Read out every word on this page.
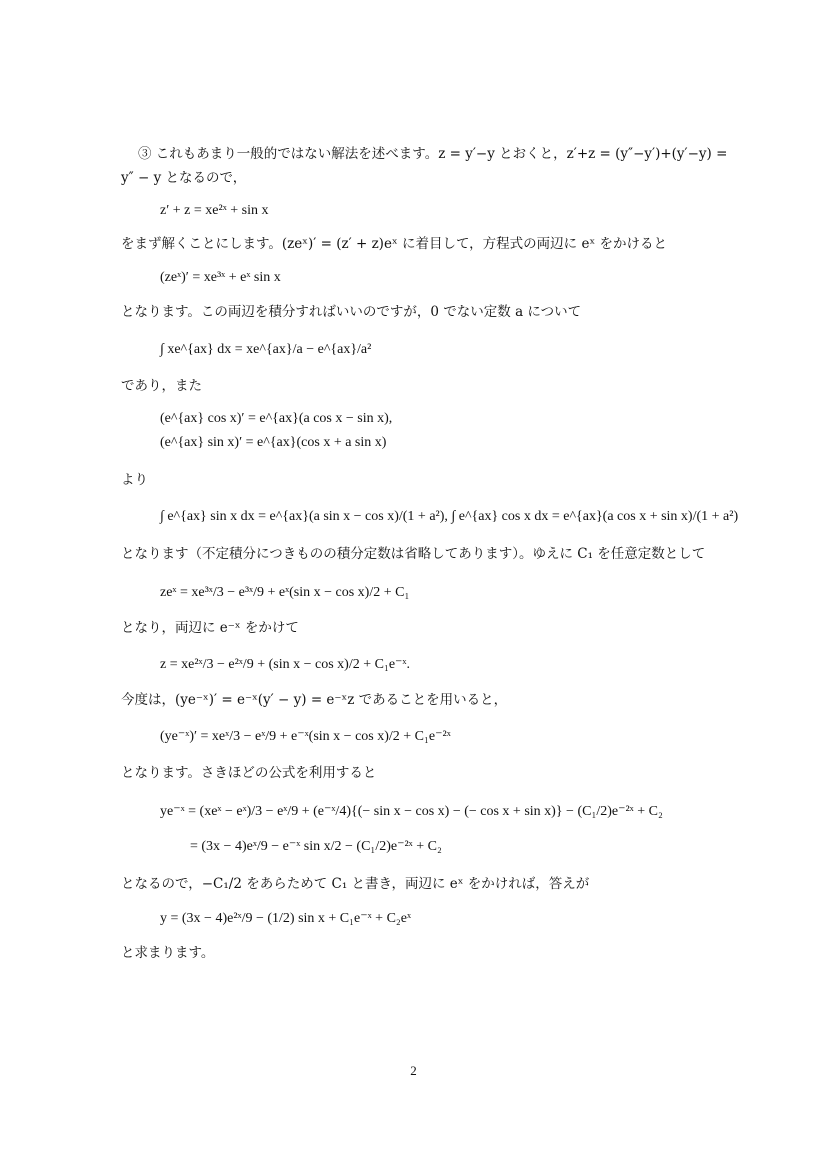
③ これもあまり一般的ではない解法を述べます。z = y′−y とおくと，z′+z = (y″−y′)+(y′−y) =
y″ − y となるので，
z′ + z = xe²ˣ + sin x
をまず解くことにします。(zeˣ)′ = (z′ + z)eˣ に着目して，方程式の両辺に eˣ をかけると
(zeˣ)′ = xe³ˣ + eˣ sin x
となります。この両辺を積分すればいいのですが，0 でない定数 a について
∫ xe^{ax} dx = xe^{ax}/a − e^{ax}/a²
であり，また
(e^{ax} cos x)′ = e^{ax}(a cos x − sin x),
(e^{ax} sin x)′ = e^{ax}(cos x + a sin x)
より
∫ e^{ax} sin x dx = e^{ax}(a sin x − cos x)/(1 + a²), ∫ e^{ax} cos x dx = e^{ax}(a cos x + sin x)/(1 + a²)
となります（不定積分につきものの積分定数は省略してあります）。ゆえに C₁ を任意定数として
zeˣ = xe³ˣ/3 − e³ˣ/9 + eˣ(sin x − cos x)/2 + C₁
となり，両辺に e⁻ˣ をかけて
z = xe²ˣ/3 − e²ˣ/9 + (sin x − cos x)/2 + C₁e⁻ˣ.
今度は，(ye⁻ˣ)′ = e⁻ˣ(y′ − y) = e⁻ˣz であることを用いると，
(ye⁻ˣ)′ = xeˣ/3 − eˣ/9 + e⁻ˣ(sin x − cos x)/2 + C₁e⁻²ˣ
となります。さきほどの公式を利用すると
ye⁻ˣ = (xeˣ − eˣ)/3 − eˣ/9 + (e⁻ˣ/4){(− sin x − cos x) − (− cos x + sin x)} − (C₁/2)e⁻²ˣ + C₂
= (3x − 4)eˣ/9 − e⁻ˣ sin x/2 − (C₁/2)e⁻²ˣ + C₂
となるので，−C₁/2 をあらためて C₁ と書き，両辺に eˣ をかければ，答えが
y = (3x − 4)e²ˣ/9 − (1/2) sin x + C₁e⁻ˣ + C₂eˣ
と求まります。
2
